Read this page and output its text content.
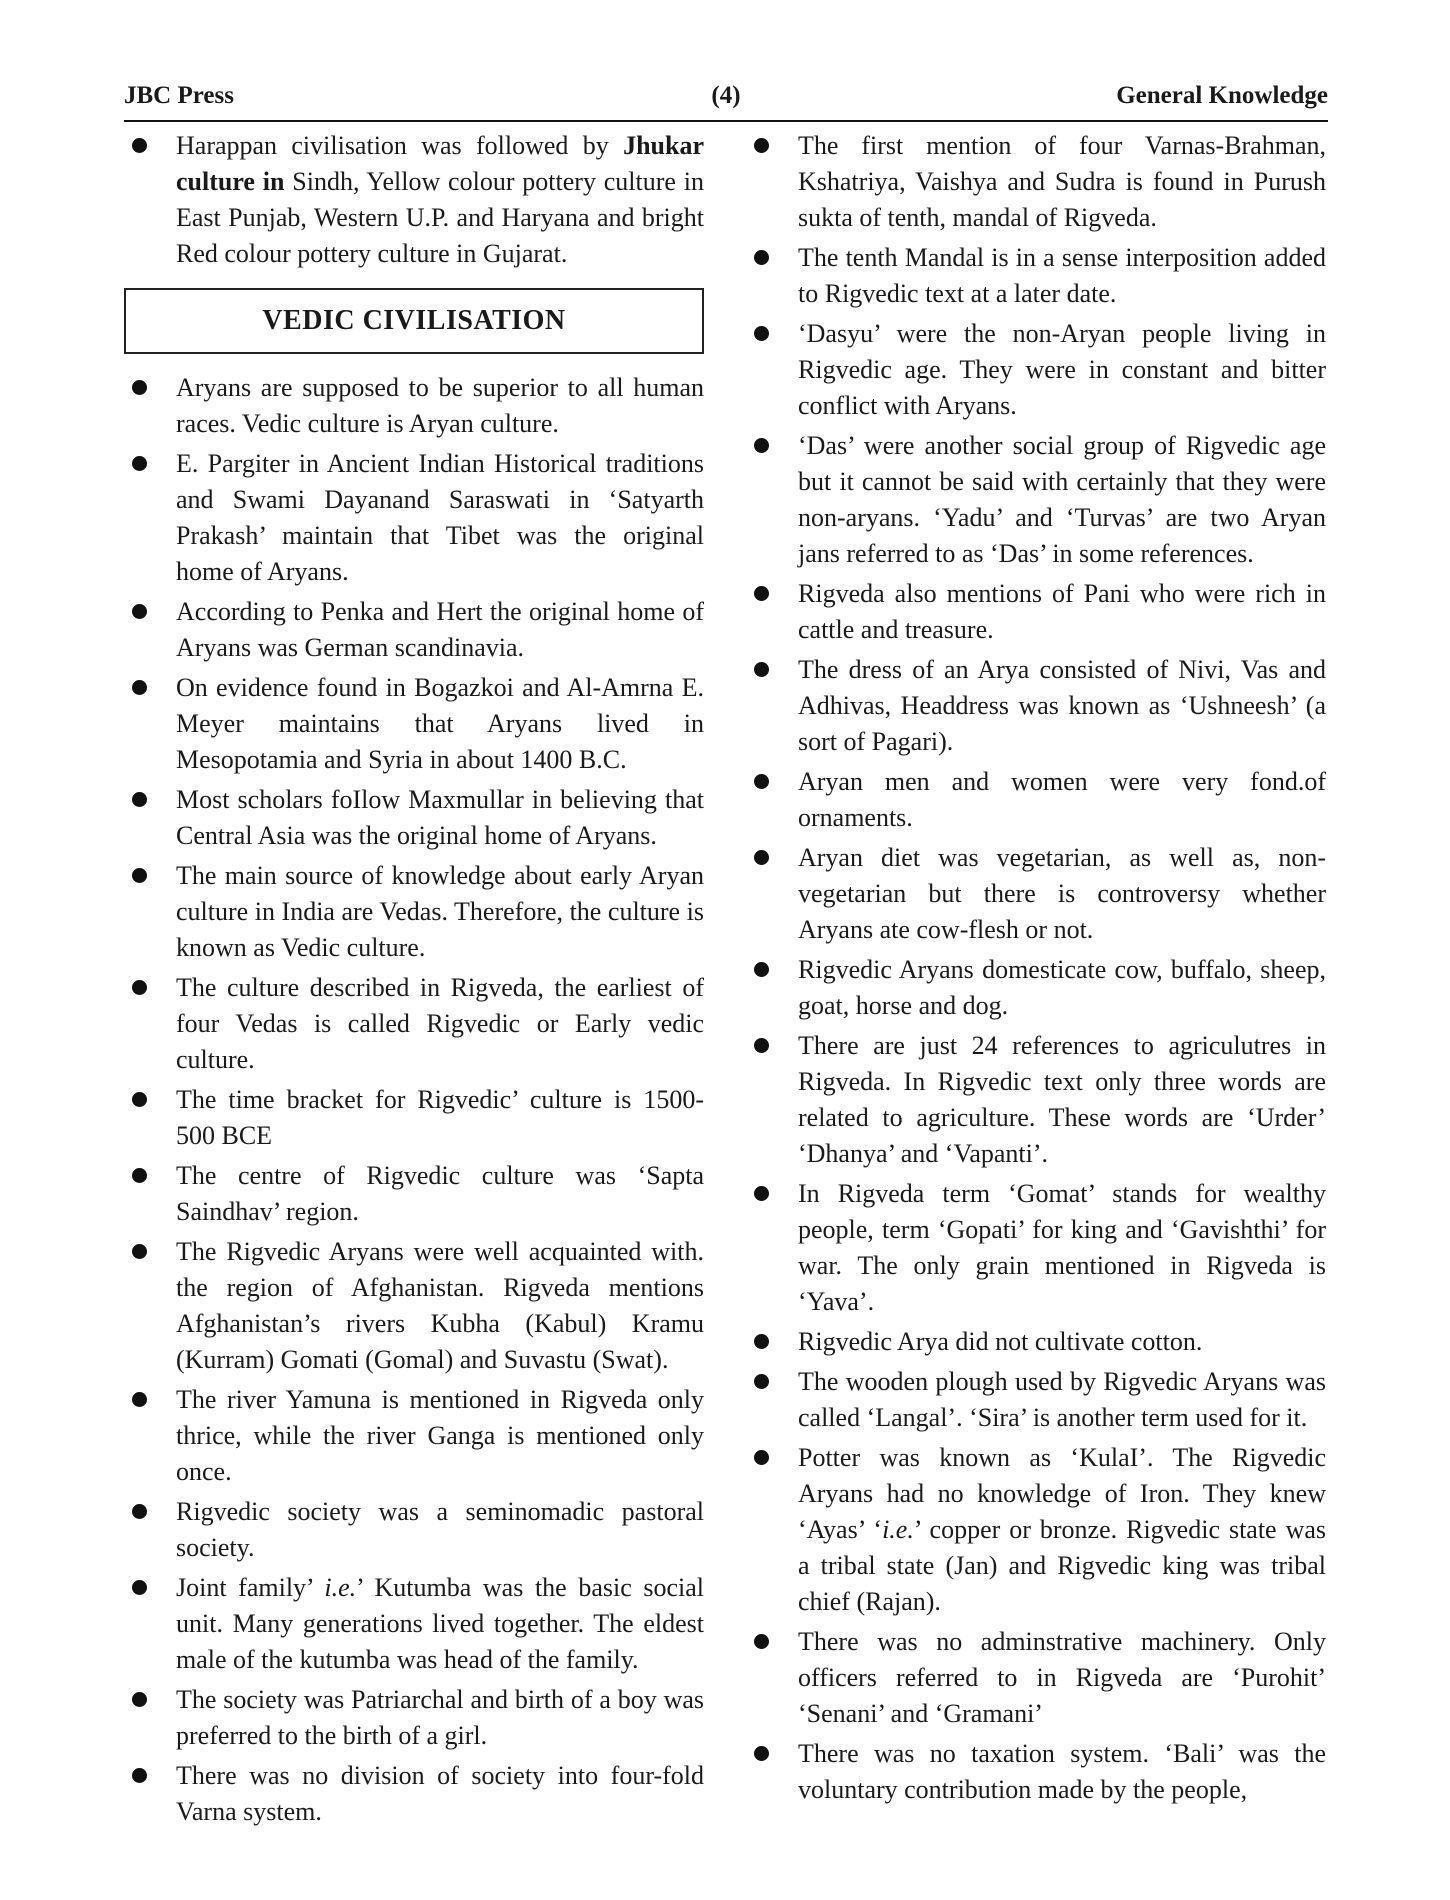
JBC Press	(4)	General Knowledge
Harappan civilisation was followed by Jhukar culture in Sindh, Yellow colour pottery culture in East Punjab, Western U.P. and Haryana and bright Red colour pottery culture in Gujarat.
VEDIC CIVILISATION
Aryans are supposed to be superior to all human races. Vedic culture is Aryan culture.
E. Pargiter in Ancient Indian Historical traditions and Swami Dayanand Saraswati in ‘Satyarth Prakash’ maintain that Tibet was the original home of Aryans.
According to Penka and Hert the original home of Aryans was German scandinavia.
On evidence found in Bogazkoi and Al-Amrna E. Meyer maintains that Aryans lived in Mesopotamia and Syria in about 1400 B.C.
Most scholars foIlow Maxmullar in believing that Central Asia was the original home of Aryans.
The main source of knowledge about early Aryan culture in India are Vedas. Therefore, the culture is known as Vedic culture.
The culture described in Rigveda, the earliest of four Vedas is called Rigvedic or Early vedic culture.
The time bracket for Rigvedic’ culture is 1500-500 BCE
The centre of Rigvedic culture was ‘Sapta Saindhav’ region.
The Rigvedic Aryans were well acquainted with. the region of Afghanistan. Rigveda mentions Afghanistan’s rivers Kubha (Kabul) Kramu (Kurram) Gomati (Gomal) and Suvastu (Swat).
The river Yamuna is mentioned in Rigveda only thrice, while the river Ganga is mentioned only once.
Rigvedic society was a seminomadic pastoral society.
Joint family’ i.e.’ Kutumba was the basic social unit. Many generations lived together. The eldest male of the kutumba was head of the family.
The society was Patriarchal and birth of a boy was preferred to the birth of a girl.
There was no division of society into four-fold Varna system.
The first mention of four Varnas-Brahman, Kshatriya, Vaishya and Sudra is found in Purush sukta of tenth, mandal of Rigveda.
The tenth Mandal is in a sense interposition added to Rigvedic text at a later date.
‘Dasyu’ were the non-Aryan people living in Rigvedic age. They were in constant and bitter conflict with Aryans.
‘Das’ were another social group of Rigvedic age but it cannot be said with certainly that they were non-aryans. ‘Yadu’ and ‘Turvas’ are two Aryan jans referred to as ‘Das’ in some references.
Rigveda also mentions of Pani who were rich in cattle and treasure.
The dress of an Arya consisted of Nivi, Vas and Adhivas, Headdress was known as ‘Ushneesh’ (a sort of Pagari).
Aryan men and women were very fond.of ornaments.
Aryan diet was vegetarian, as well as, non-vegetarian but there is controversy whether Aryans ate cow-flesh or not.
Rigvedic Aryans domesticate cow, buffalo, sheep, goat, horse and dog.
There are just 24 references to agriculutres in Rigveda. In Rigvedic text only three words are related to agriculture. These words are ‘Urder’ ‘Dhanya’ and ‘Vapanti’.
In Rigveda term ‘Gomat’ stands for wealthy people, term ‘Gopati’ for king and ‘Gavishthi’ for war. The only grain mentioned in Rigveda is ‘Yava’.
Rigvedic Arya did not cultivate cotton.
The wooden plough used by Rigvedic Aryans was called ‘Langal’. ‘Sira’ is another term used for it.
Potter was known as ‘KulaI’. The Rigvedic Aryans had no knowledge of Iron. They knew ‘Ayas’ ‘i.e.’ copper or bronze. Rigvedic state was a tribal state (Jan) and Rigvedic king was tribal chief (Rajan).
There was no adminstrative machinery. Only officers referred to in Rigveda are ‘Purohit’ ‘Senani’ and ‘Gramani’
There was no taxation system. ‘Bali’ was the voluntary contribution made by the people,
